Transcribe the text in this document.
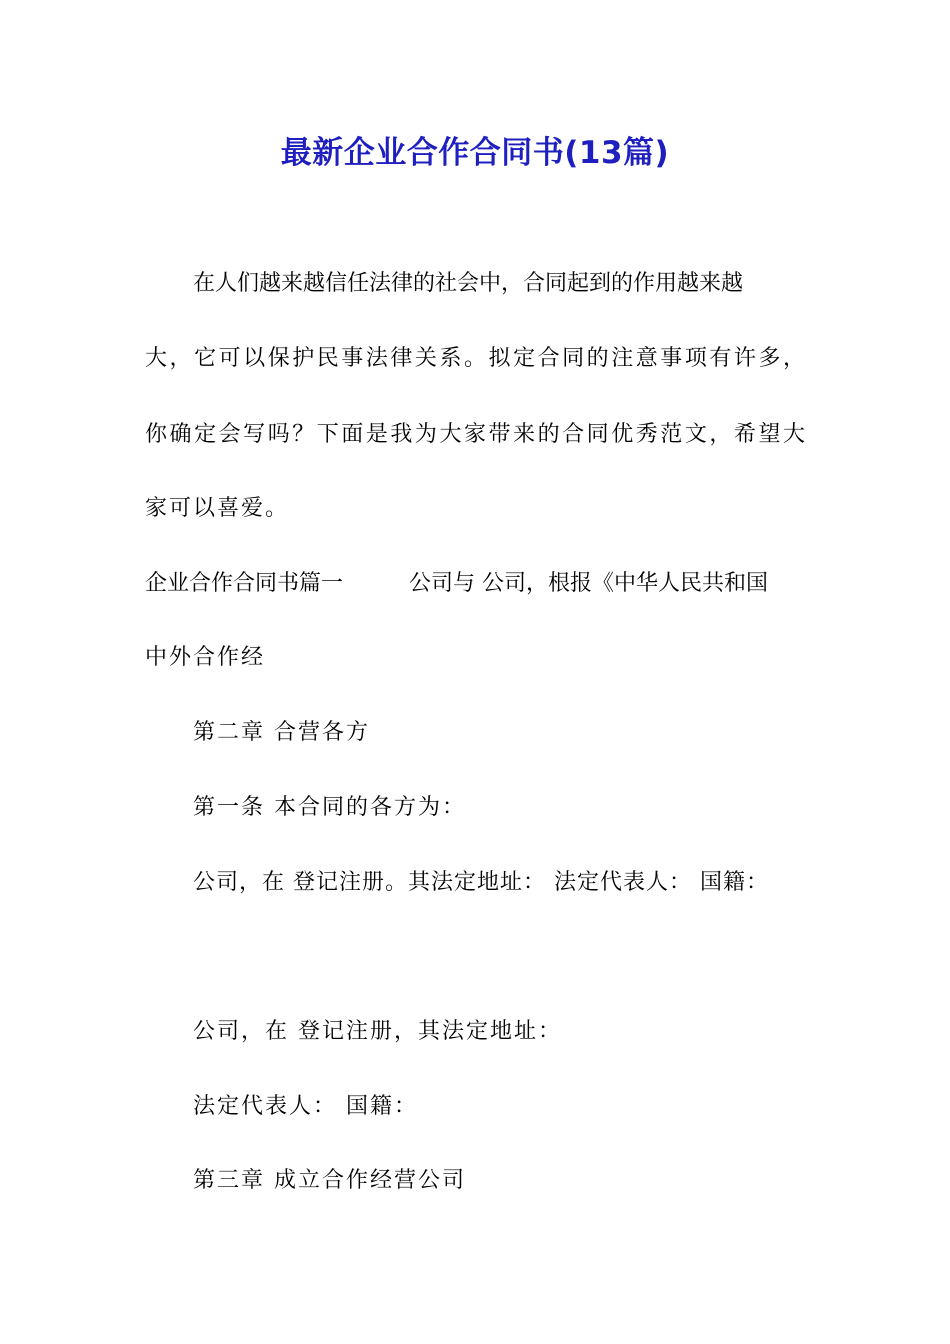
最新企业合作合同书(13篇)
在人们越来越信任法律的社会中，合同起到的作用越来越
大，它可以保护民事法律关系。拟定合同的注意事项有许多，
你确定会写吗？下面是我为大家带来的合同优秀范文，希望大
家可以喜爱。
企业合作合同书篇一　　　公司与 公司，根报《中华人民共和国
中外合作经
第二章 合营各方
第一条 本合同的各方为：
公司，在 登记注册。其法定地址： 法定代表人： 国籍：
公司，在 登记注册，其法定地址：
法定代表人： 国籍：
第三章 成立合作经营公司
